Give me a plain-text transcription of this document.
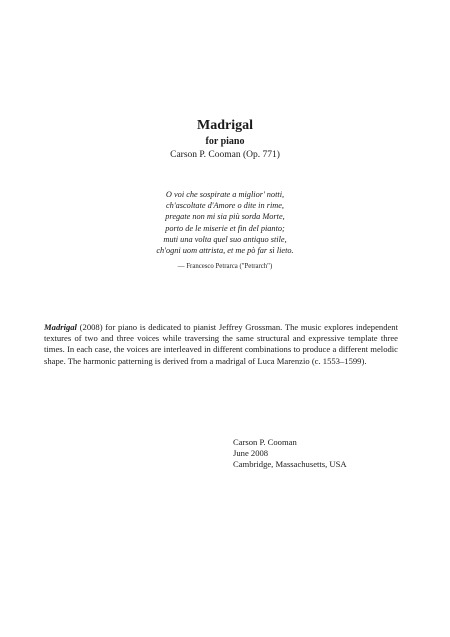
Madrigal
for piano
Carson P. Cooman (Op. 771)
O voi che sospirate a miglior' notti,
ch'ascoltate d'Amore o dite in rime,
pregate non mi sia più sorda Morte,
porto de le miserie et fin del pianto;
muti una volta quel suo antiquo stile,
ch'ogni uom attrista, et me pò far sì lieto.
— Francesco Petrarca ("Petrarch")

Madrigal (2008) for piano is dedicated to pianist Jeffrey Grossman. The music explores independent textures of two and three voices while traversing the same structural and expressive template three times. In each case, the voices are interleaved in different combinations to produce a different melodic shape. The harmonic patterning is derived from a madrigal of Luca Marenzio (c. 1553–1599).

Carson P. Cooman
June 2008
Cambridge, Massachusetts, USA
